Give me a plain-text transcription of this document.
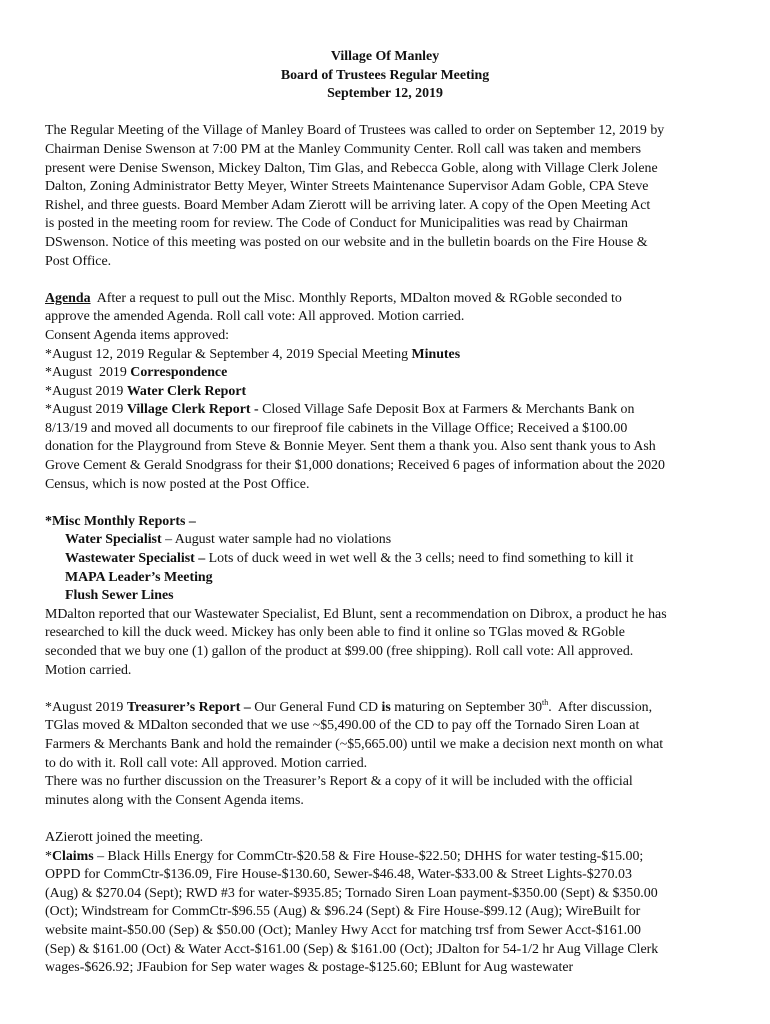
Village Of Manley
Board of Trustees Regular Meeting
September 12, 2019
The Regular Meeting of the Village of Manley Board of Trustees was called to order on September 12, 2019 by
Chairman Denise Swenson at 7:00 PM at the Manley Community Center. Roll call was taken and members
present were Denise Swenson, Mickey Dalton, Tim Glas, and Rebecca Goble, along with Village Clerk Jolene
Dalton, Zoning Administrator Betty Meyer, Winter Streets Maintenance Supervisor Adam Goble, CPA Steve
Rishel, and three guests. Board Member Adam Zierott will be arriving later. A copy of the Open Meeting Act
is posted in the meeting room for review. The Code of Conduct for Municipalities was read by Chairman
DSwenson. Notice of this meeting was posted on our website and in the bulletin boards on the Fire House &
Post Office.
Agenda  After a request to pull out the Misc. Monthly Reports, MDalton moved & RGoble seconded to
approve the amended Agenda. Roll call vote: All approved. Motion carried.
Consent Agenda items approved:
*August 12, 2019 Regular & September 4, 2019 Special Meeting Minutes
*August  2019 Correspondence
*August 2019 Water Clerk Report
*August 2019 Village Clerk Report - Closed Village Safe Deposit Box at Farmers & Merchants Bank on
8/13/19 and moved all documents to our fireproof file cabinets in the Village Office; Received a $100.00
donation for the Playground from Steve & Bonnie Meyer. Sent them a thank you. Also sent thank yous to Ash
Grove Cement & Gerald Snodgrass for their $1,000 donations; Received 6 pages of information about the 2020
Census, which is now posted at the Post Office.
*Misc Monthly Reports –
Water Specialist – August water sample had no violations
Wastewater Specialist – Lots of duck weed in wet well & the 3 cells; need to find something to kill it
MAPA Leader’s Meeting
Flush Sewer Lines
MDalton reported that our Wastewater Specialist, Ed Blunt, sent a recommendation on Dibrox, a product he has
researched to kill the duck weed. Mickey has only been able to find it online so TGlas moved & RGoble
seconded that we buy one (1) gallon of the product at $99.00 (free shipping). Roll call vote: All approved.
Motion carried.
*August 2019 Treasurer’s Report – Our General Fund CD is maturing on September 30th.  After discussion,
TGlas moved & MDalton seconded that we use ~$5,490.00 of the CD to pay off the Tornado Siren Loan at
Farmers & Merchants Bank and hold the remainder (~$5,665.00) until we make a decision next month on what
to do with it. Roll call vote: All approved. Motion carried.
There was no further discussion on the Treasurer’s Report & a copy of it will be included with the official
minutes along with the Consent Agenda items.
AZierott joined the meeting.
*Claims – Black Hills Energy for CommCtr-$20.58 & Fire House-$22.50; DHHS for water testing-$15.00;
OPPD for CommCtr-$136.09, Fire House-$130.60, Sewer-$46.48, Water-$33.00 & Street Lights-$270.03
(Aug) & $270.04 (Sept); RWD #3 for water-$935.85; Tornado Siren Loan payment-$350.00 (Sept) & $350.00
(Oct); Windstream for CommCtr-$96.55 (Aug) & $96.24 (Sept) & Fire House-$99.12 (Aug); WireBuilt for
website maint-$50.00 (Sep) & $50.00 (Oct); Manley Hwy Acct for matching trsf from Sewer Acct-$161.00
(Sep) & $161.00 (Oct) & Water Acct-$161.00 (Sep) & $161.00 (Oct); JDalton for 54-1/2 hr Aug Village Clerk
wages-$626.92; JFaubion for Sep water wages & postage-$125.60; EBlunt for Aug wastewater
